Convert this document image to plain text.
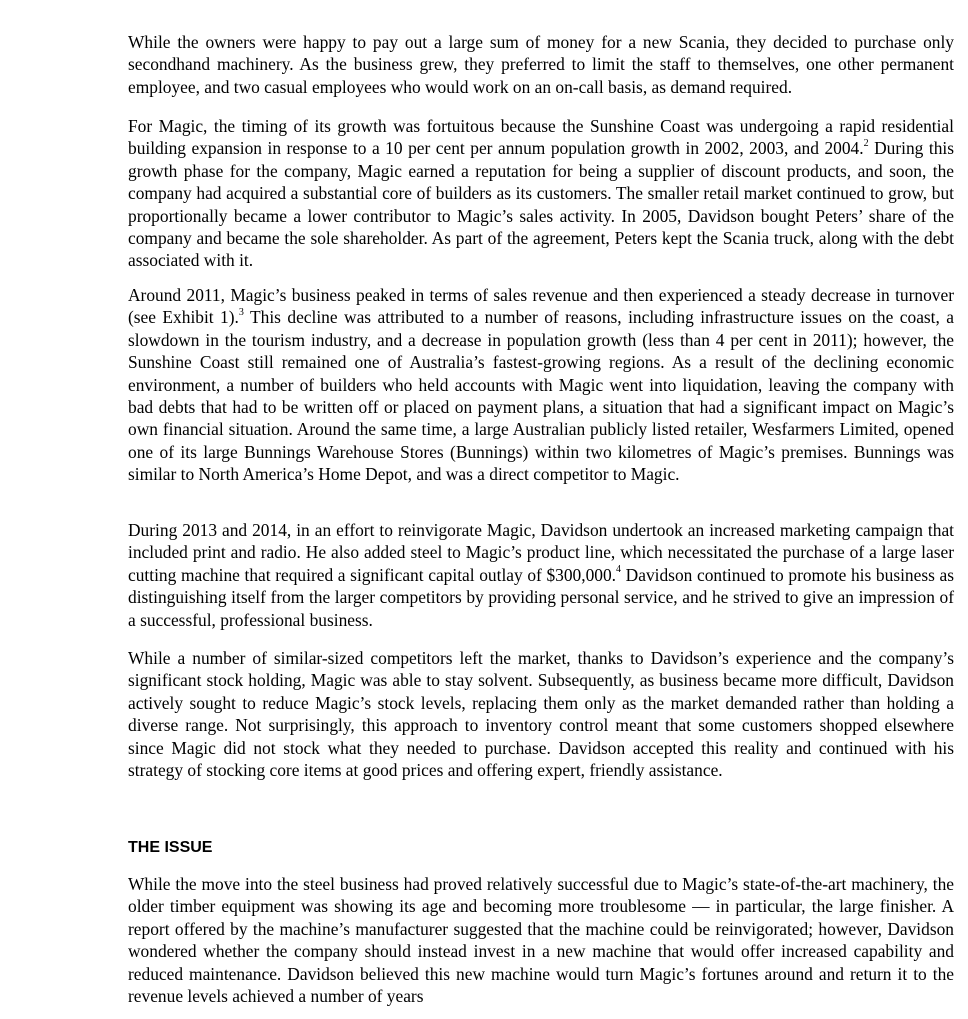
While the owners were happy to pay out a large sum of money for a new Scania, they decided to purchase only secondhand machinery. As the business grew, they preferred to limit the staff to themselves, one other permanent employee, and two casual employees who would work on an on-call basis, as demand required.

For Magic, the timing of its growth was fortuitous because the Sunshine Coast was undergoing a rapid residential building expansion in response to a 10 per cent per annum population growth in 2002, 2003, and 2004.$^2$ During this growth phase for the company, Magic earned a reputation for being a supplier of discount products, and soon, the company had acquired a substantial core of builders as its customers. The smaller retail market continued to grow, but proportionally became a lower contributor to Magic’s sales activity. In 2005, Davidson bought Peters’ share of the company and became the sole shareholder. As part of the agreement, Peters kept the Scania truck, along with the debt associated with it.

Around 2011, Magic’s business peaked in terms of sales revenue and then experienced a steady decrease in turnover (see Exhibit 1).$^3$ This decline was attributed to a number of reasons, including infrastructure issues on the coast, a slowdown in the tourism industry, and a decrease in population growth (less than 4 per cent in 2011); however, the Sunshine Coast still remained one of Australia’s fastest-growing regions. As a result of the declining economic environment, a number of builders who held accounts with Magic went into liquidation, leaving the company with bad debts that had to be written off or placed on payment plans, a situation that had a significant impact on Magic’s own financial situation. Around the same time, a large Australian publicly listed retailer, Wesfarmers Limited, opened one of its large Bunnings Warehouse Stores (Bunnings) within two kilometres of Magic’s premises. Bunnings was similar to North America’s Home Depot, and was a direct competitor to Magic.

During 2013 and 2014, in an effort to reinvigorate Magic, Davidson undertook an increased marketing campaign that included print and radio. He also added steel to Magic’s product line, which necessitated the purchase of a large laser cutting machine that required a significant capital outlay of $300,000.$^4$ Davidson continued to promote his business as distinguishing itself from the larger competitors by providing personal service, and he strived to give an impression of a successful, professional business.

While a number of similar-sized competitors left the market, thanks to Davidson’s experience and the company’s significant stock holding, Magic was able to stay solvent. Subsequently, as business became more difficult, Davidson actively sought to reduce Magic’s stock levels, replacing them only as the market demanded rather than holding a diverse range. Not surprisingly, this approach to inventory control meant that some customers shopped elsewhere since Magic did not stock what they needed to purchase. Davidson accepted this reality and continued with his strategy of stocking core items at good prices and offering expert, friendly assistance.

THE ISSUE

While the move into the steel business had proved relatively successful due to Magic’s state-of-the-art machinery, the older timber equipment was showing its age and becoming more troublesome — in particular, the large finisher. A report offered by the machine’s manufacturer suggested that the machine could be reinvigorated; however, Davidson wondered whether the company should instead invest in a new machine that would offer increased capability and reduced maintenance. Davidson believed this new machine would turn Magic’s fortunes around and return it to the revenue levels achieved a number of years
